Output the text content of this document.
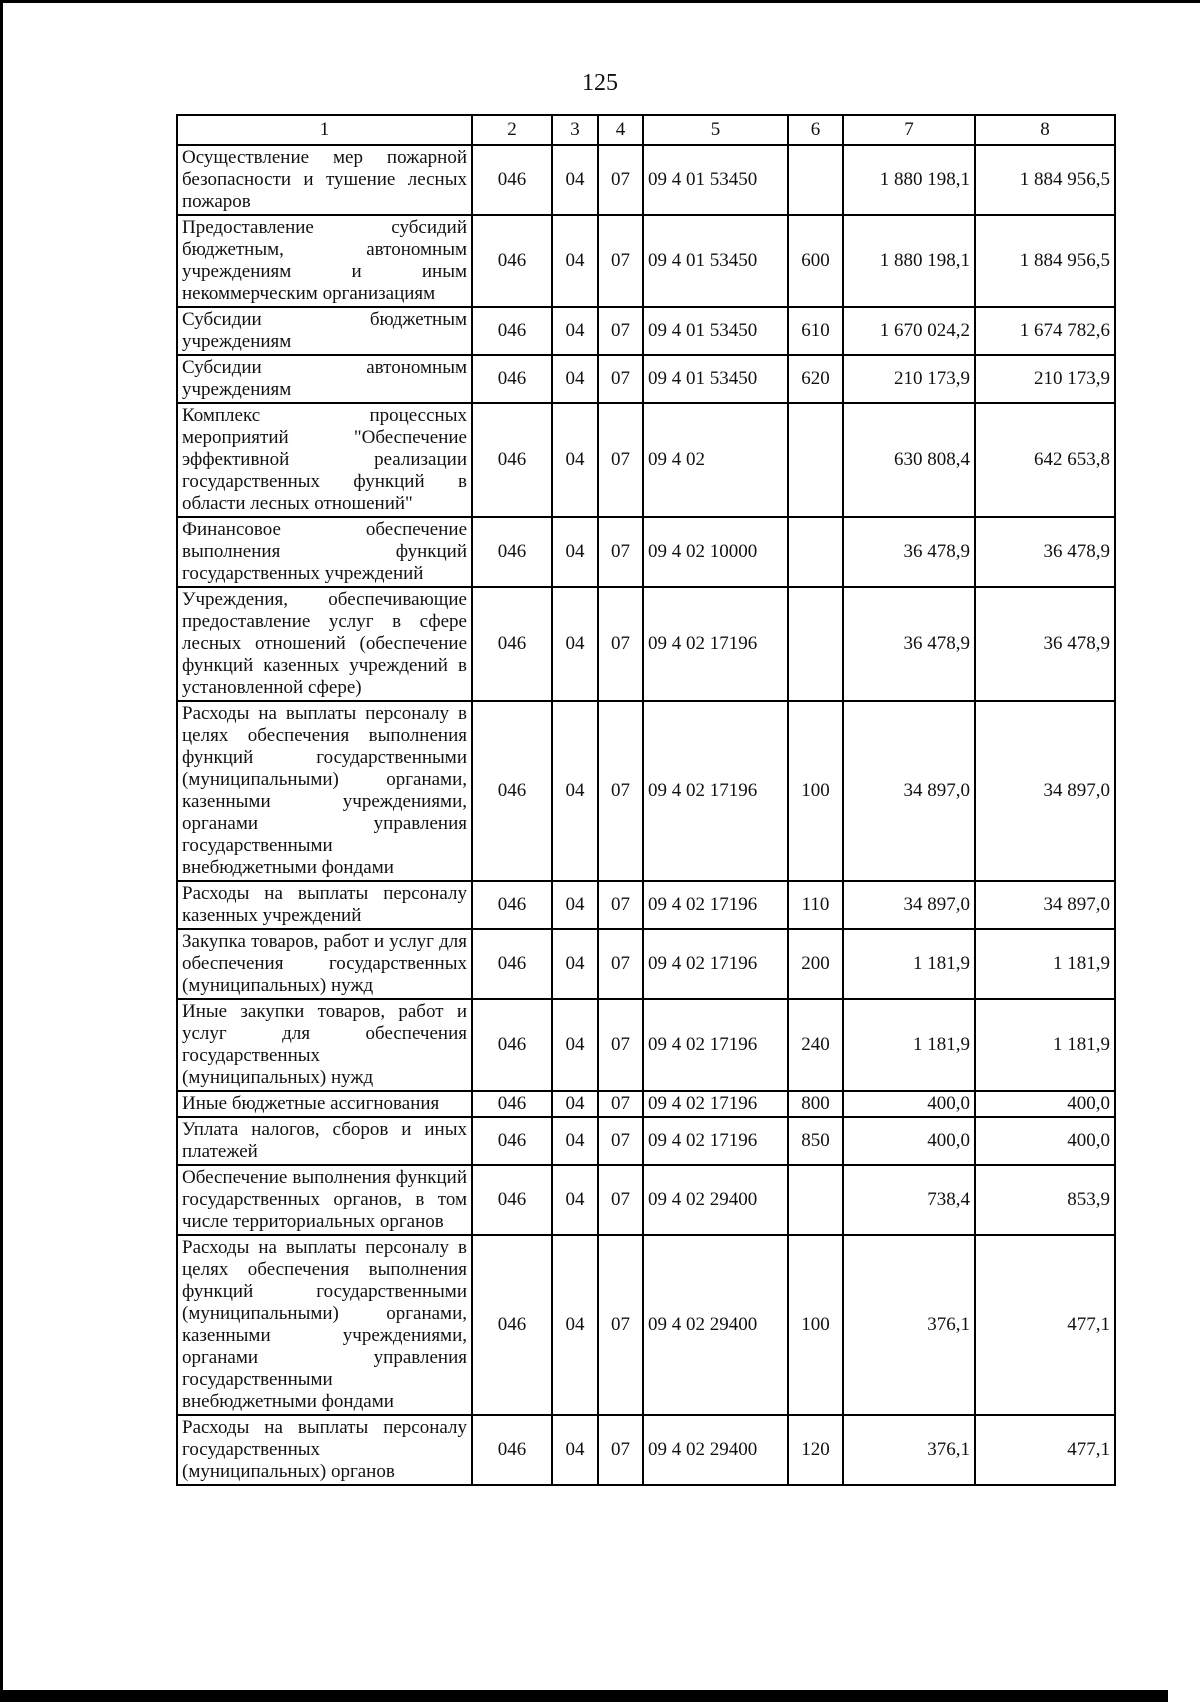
125
1	2	3	4	5	6	7	8
Осуществление мер пожарной безопасности и тушение лесных пожаров	046	04	07	09 4 01 53450		1 880 198,1	1 884 956,5
Предоставление субсидий бюджетным, автономным учреждениям и иным некоммерческим организациям	046	04	07	09 4 01 53450	600	1 880 198,1	1 884 956,5
Субсидии бюджетным учреждениям	046	04	07	09 4 01 53450	610	1 670 024,2	1 674 782,6
Субсидии автономным учреждениям	046	04	07	09 4 01 53450	620	210 173,9	210 173,9
Комплекс процессных мероприятий "Обеспечение эффективной реализации государственных функций в области лесных отношений"	046	04	07	09 4 02		630 808,4	642 653,8
Финансовое обеспечение выполнения функций государственных учреждений	046	04	07	09 4 02 10000		36 478,9	36 478,9
Учреждения, обеспечивающие предоставление услуг в сфере лесных отношений (обеспечение функций казенных учреждений в установленной сфере)	046	04	07	09 4 02 17196		36 478,9	36 478,9
Расходы на выплаты персоналу в целях обеспечения выполнения функций государственными (муниципальными) органами, казенными учреждениями, органами управления государственными внебюджетными фондами	046	04	07	09 4 02 17196	100	34 897,0	34 897,0
Расходы на выплаты персоналу казенных учреждений	046	04	07	09 4 02 17196	110	34 897,0	34 897,0
Закупка товаров, работ и услуг для обеспечения государственных (муниципальных) нужд	046	04	07	09 4 02 17196	200	1 181,9	1 181,9
Иные закупки товаров, работ и услуг для обеспечения государственных (муниципальных) нужд	046	04	07	09 4 02 17196	240	1 181,9	1 181,9
Иные бюджетные ассигнования	046	04	07	09 4 02 17196	800	400,0	400,0
Уплата налогов, сборов и иных платежей	046	04	07	09 4 02 17196	850	400,0	400,0
Обеспечение выполнения функций государственных органов, в том числе территориальных органов	046	04	07	09 4 02 29400		738,4	853,9
Расходы на выплаты персоналу в целях обеспечения выполнения функций государственными (муниципальными) органами, казенными учреждениями, органами управления государственными внебюджетными фондами	046	04	07	09 4 02 29400	100	376,1	477,1
Расходы на выплаты персоналу государственных (муниципальных) органов	046	04	07	09 4 02 29400	120	376,1	477,1
